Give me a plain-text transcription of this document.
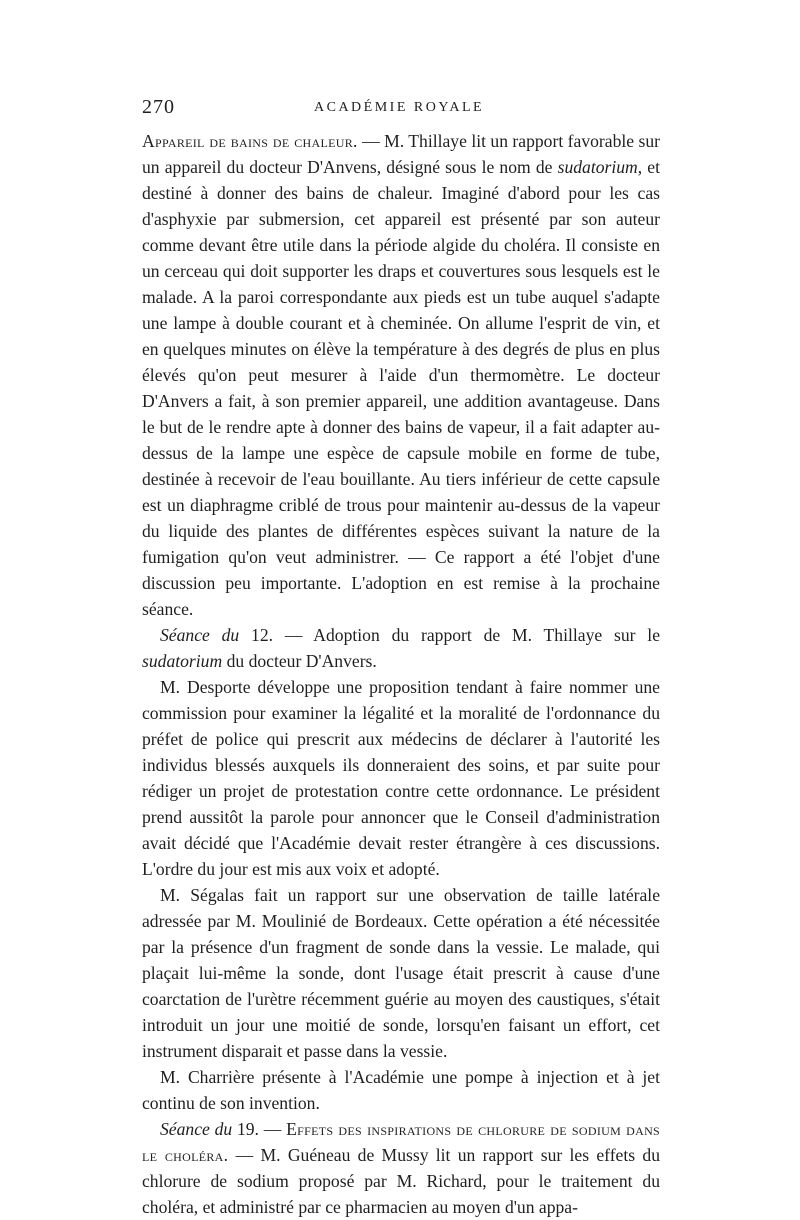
270	ACADÉMIE ROYALE

Appareil de bains de chaleur. — M. Thillaye lit un rapport favorable sur un appareil du docteur D'Anvens, désigné sous le nom de sudatorium, et destiné à donner des bains de chaleur. Imaginé d'abord pour les cas d'asphyxie par submersion, cet appareil est présenté par son auteur comme devant être utile dans la période algide du choléra. Il consiste en un cerceau qui doit supporter les draps et couvertures sous lesquels est le malade. A la paroi correspondante aux pieds est un tube auquel s'adapte une lampe à double courant et à cheminée. On allume l'esprit de vin, et en quelques minutes on élève la température à des degrés de plus en plus élevés qu'on peut mesurer à l'aide d'un thermomètre. Le docteur D'Anvers a fait, à son premier appareil, une addition avantageuse. Dans le but de le rendre apte à donner des bains de vapeur, il a fait adapter au-dessus de la lampe une espèce de capsule mobile en forme de tube, destinée à recevoir de l'eau bouillante. Au tiers inférieur de cette capsule est un diaphragme criblé de trous pour maintenir au-dessus de la vapeur du liquide des plantes de différentes espèces suivant la nature de la fumigation qu'on veut administrer. — Ce rapport a été l'objet d'une discussion peu importante. L'adoption en est remise à la prochaine séance.

Séance du 12. — Adoption du rapport de M. Thillaye sur le sudatorium du docteur D'Anvers.

M. Desporte développe une proposition tendant à faire nommer une commission pour examiner la légalité et la moralité de l'ordonnance du préfet de police qui prescrit aux médecins de déclarer à l'autorité les individus blessés auxquels ils donneraient des soins, et par suite pour rédiger un projet de protestation contre cette ordonnance. Le président prend aussitôt la parole pour annoncer que le Conseil d'administration avait décidé que l'Académie devait rester étrangère à ces discussions. L'ordre du jour est mis aux voix et adopté.

M. Ségalas fait un rapport sur une observation de taille latérale adressée par M. Moulinié de Bordeaux. Cette opération a été nécessitée par la présence d'un fragment de sonde dans la vessie. Le malade, qui plaçait lui-même la sonde, dont l'usage était prescrit à cause d'une coarctation de l'urètre récemment guérie au moyen des caustiques, s'était introduit un jour une moitié de sonde, lorsqu'en faisant un effort, cet instrument disparait et passe dans la vessie.

M. Charrière présente à l'Académie une pompe à injection et à jet continu de son invention.

Séance du 19. — Effets des inspirations de chlorure de sodium dans le choléra. — M. Guéneau de Mussy lit un rapport sur les effets du chlorure de sodium proposé par M. Richard, pour le traitement du choléra, et administré par ce pharmacien au moyen d'un appa-
